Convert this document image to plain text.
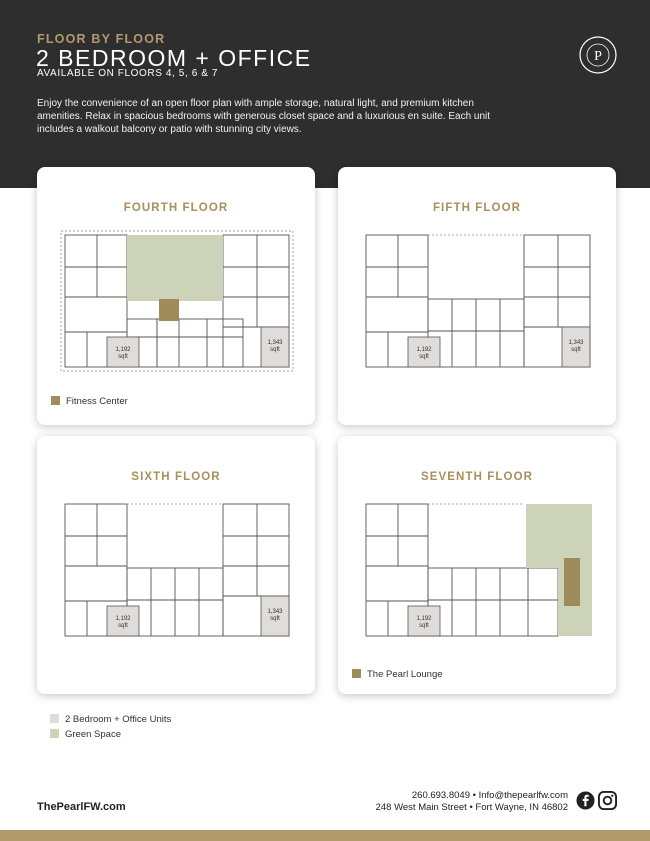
FLOOR BY FLOOR
2 BEDROOM + OFFICE
AVAILABLE ON FLOORS 4, 5, 6 & 7
Enjoy the convenience of an open floor plan with ample storage, natural light, and premium kitchen amenities. Relax in spacious bedrooms with generous closet space and a luxurious en suite. Each unit includes a walkout balcony or patio with stunning city views.
P
FOURTH FLOOR
1,192
sqft
1,343
sqft
Fitness Center
FIFTH FLOOR
1,192
sqft
1,343
sqft
SIXTH FLOOR
1,192
sqft
1,343
sqft
SEVENTH FLOOR
1,192
sqft
The Pearl Lounge
2 Bedroom + Office Units
Green Space
ThePearlFW.com
260.693.8049 • Info@thepearlfw.com
248 West Main Street • Fort Wayne, IN 46802
